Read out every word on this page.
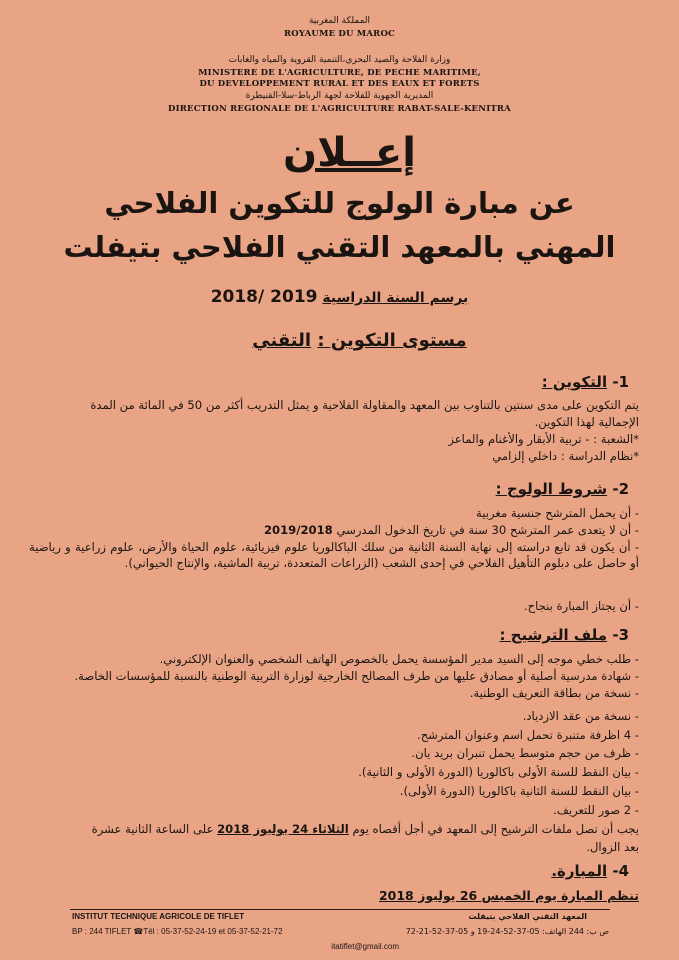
المملكة المغربية
ROYAUME DU MAROC
وزارة الفلاحة والصيد البحري،التنمية القروية والمياه والغابات
MINISTERE DE L'AGRICULTURE, DE PECHE MARITIME,
DU DEVELOPPEMENT RURAL ET DES EAUX ET FORETS
المديرية الجهوية للفلاحة لجهة الرباط-سلا-القنيطرة
DIRECTION REGIONALE DE L'AGRICULTURE RABAT-SALE-KENITRA
إعــلان
عن مبارة الولوج للتكوين الفلاحي
المهني بالمعهد التقني الفلاحي بتيفلت
برسم السنة الدراسية 2019 /2018
مستوى التكوين : التقني
1- التكوين :
يتم التكوين على مدى سنتين بالتناوب بين المعهد والمقاولة الفلاحية و يمثل التدريب أكثر من 50 في المائة من المدة
الإجمالية لهذا التكوين.
*الشعبة : - تربية الأبقار والأغنام والماعز
*نظام الدراسة : داخلي إلزامي
2- شروط الولوج :
- أن يحمل المترشح جنسية مغربية
- أن لا يتعدى عمر المترشح 30 سنة في تاريخ الدخول المدرسي 2019/2018
- أن يكون قد تابع دراسته إلى نهاية السنة الثانية من سلك الباكالوريا علوم فيزيائية، علوم الحياة والأرض، علوم زراعية و رياضية أو حاصل على دبلوم التأهيل الفلاحي في إحدى الشعب (الزراعات المتعددة، تربية الماشية، والإنتاج الحيواني).
- أن يجتاز المبارة بنجاح.
3- ملف الترشيح :
- طلب خطي موجه إلى السيد مدير المؤسسة يحمل بالخصوص الهاتف الشخصي والعنوان الإلكتروني.
- شهادة مدرسية أصلية أو مصادق عليها من طرف المصالح الخارجية لوزارة التربية الوطنية بالنسبة للمؤسسات الخاصة.
- نسخة من بطاقة التعريف الوطنية.
- نسخة من عقد الازدياد.
- 4 اظرفة متنبرة تحمل اسم وعنوان المترشح.
- ظرف من حجم متوسط يحمل تنبران بريد يان.
- بيان النقط للسنة الأولى باكالوريا (الدورة الأولى و الثانية).
- بيان النقط للسنة الثانية باكالوريا (الدورة الأولى).
- 2 صور للتعريف.
يجب أن تصل ملفات الترشيح إلى المعهد في أجل أقصاه يوم الثلاثاء 24 يوليوز 2018 على الساعة الثانية عشرة
بعد الزوال.
4- المبارة.
تنظم المبارة يوم الخميس 26 يوليوز 2018
INSTITUT TECHNIQUE AGRICOLE DE TIFLET	المعهد التقني الفلاحي بتيفلت
BP : 244 TIFLET ☎Tél : 05-37-52-24-19 et 05-37-52-21-72	ص ب: 244 الهاتف: 05-37-52-24-19 و 05-37-52-21-72
itatiflet@gmail.com
